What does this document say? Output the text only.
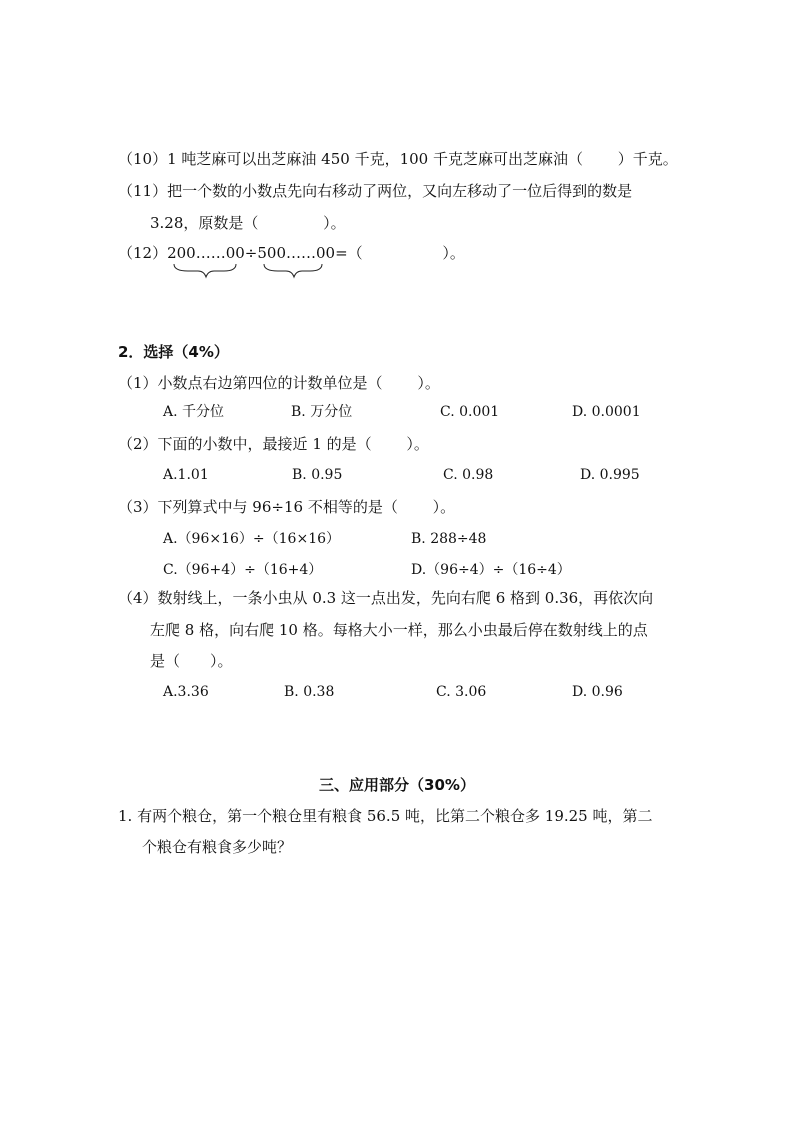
（10）1 吨芝麻可以出芝麻油 450 千克，100 千克芝麻可出芝麻油（　　 ）千克。
（11）把一个数的小数点先向右移动了两位，又向左移动了一位后得到的数是
3.28，原数是（　　　　 ）。
（12）200……00÷500……00=（　　　　　 ）。
2．选择（4%）
（1）小数点右边第四位的计数单位是（　　 ）。
A. 千分位	B. 万分位	C. 0.001	D. 0.0001
（2）下面的小数中，最接近 1 的是（　　 ）。
A.1.01	B. 0.95	C. 0.98	D. 0.995
（3）下列算式中与 96÷16 不相等的是（　　 ）。
A.（96×16）÷（16×16）	B. 288÷48
C.（96+4）÷（16+4）	D.（96÷4）÷（16÷4）
（4）数射线上，一条小虫从 0.3 这一点出发，先向右爬 6 格到 0.36，再依次向
左爬 8 格，向右爬 10 格。每格大小一样，那么小虫最后停在数射线上的点
是（　　）。
A.3.36	B. 0.38	C. 3.06	D. 0.96
三、应用部分（30%）
1. 有两个粮仓，第一个粮仓里有粮食 56.5 吨，比第二个粮仓多 19.25 吨，第二
个粮仓有粮食多少吨？
